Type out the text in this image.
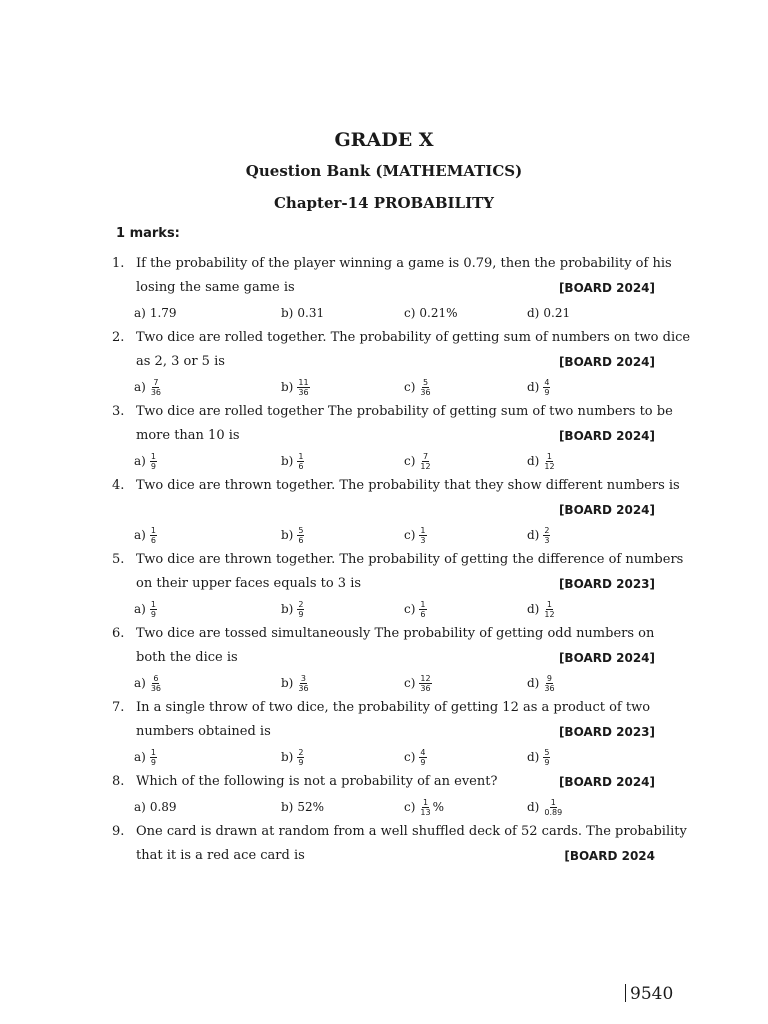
GRADE X
Question Bank (MATHEMATICS)
Chapter-14 PROBABILITY
1 marks:
1. If the probability of the player winning a game is 0.79, then the probability of his
losing the same game is	[BOARD 2024]
a) 1.79	b) 0.31	c) 0.21%	d) 0.21
2. Two dice are rolled together. The probability of getting sum of numbers on two dice
as 2, 3 or 5 is	[BOARD 2024]
$a) \frac{7}{36}$	$b) \frac{11}{36}$	$c) \frac{5}{36}$	$d) \frac{4}{9}$
3. Two dice are rolled together The probability of getting sum of two numbers to be
more than 10 is	[BOARD 2024]
$a) \frac{1}{9}$	$b) \frac{1}{6}$	$c) \frac{7}{12}$	$d) \frac{1}{12}$
4. Two dice are thrown together. The probability that they show different numbers is
[BOARD 2024]
$a) \frac{1}{6}$	$b) \frac{5}{6}$	$c) \frac{1}{3}$	$d) \frac{2}{3}$
5. Two dice are thrown together. The probability of getting the difference of numbers
on their upper faces equals to 3 is	[BOARD 2023]
$a) \frac{1}{9}$	$b) \frac{2}{9}$	$c) \frac{1}{6}$	$d) \frac{1}{12}$
6. Two dice are tossed simultaneously The probability of getting odd numbers on
both the dice is	[BOARD 2024]
$a) \frac{6}{36}$	$b) \frac{3}{36}$	$c) \frac{12}{36}$	$d) \frac{9}{36}$
7. In a single throw of two dice, the probability of getting 12 as a product of two
numbers obtained is	[BOARD 2023]
$a) \frac{1}{9}$	$b) \frac{2}{9}$	$c) \frac{4}{9}$	$d) \frac{5}{9}$
8. Which of the following is not a probability of an event?	[BOARD 2024]
a) 0.89	b) 52%	$c) \frac{1}{13}$ %	$d) \frac{1}{0.89}$
9. One card is drawn at random from a well shuffled deck of 52 cards. The probability
that it is a red ace card is	[BOARD 2024
9540
